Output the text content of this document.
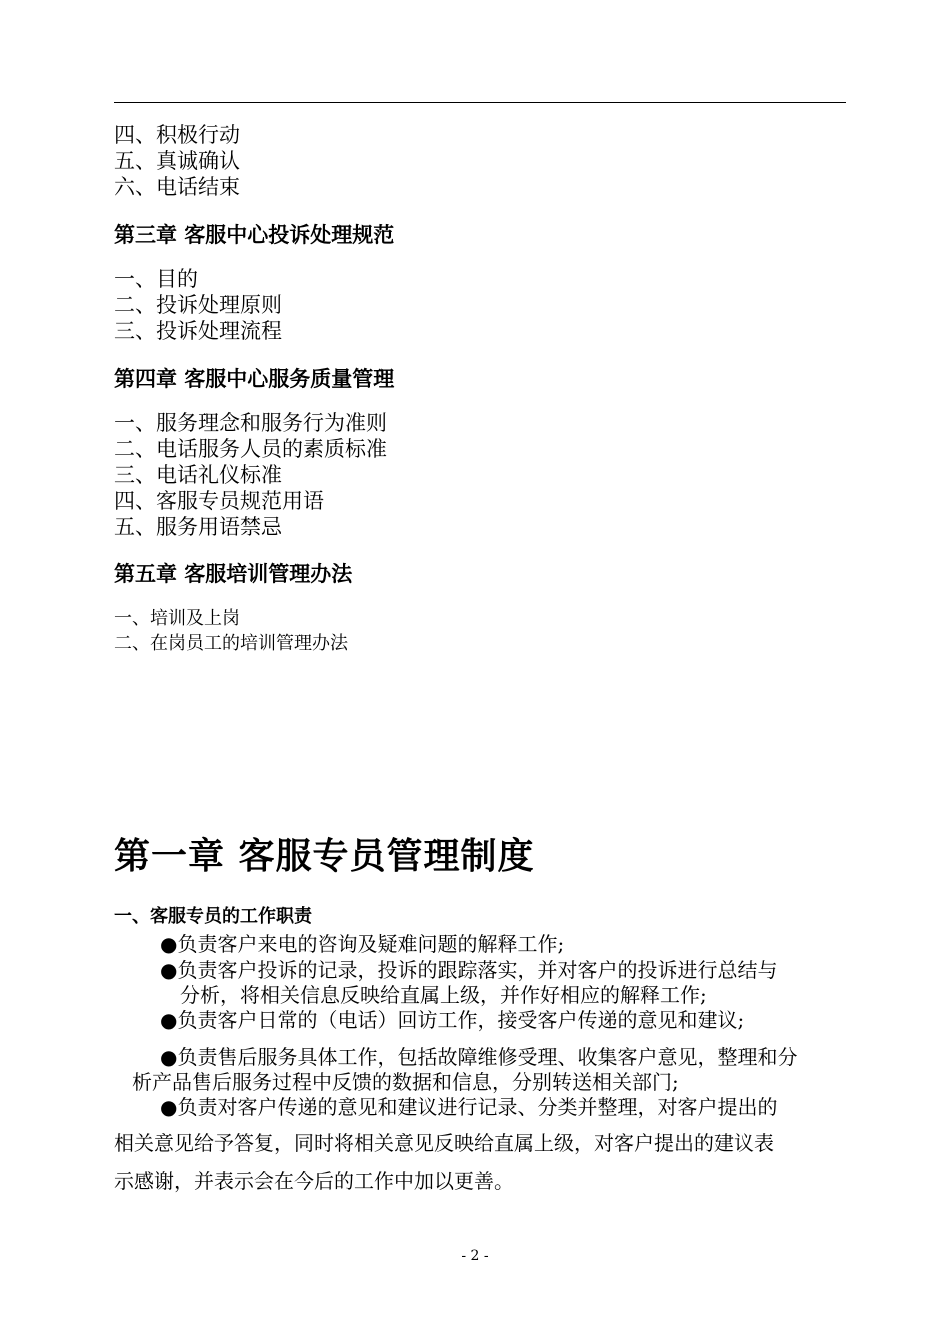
四、积极行动
五、真诚确认
六、电话结束
第三章 客服中心投诉处理规范
一、目的
二、投诉处理原则
三、投诉处理流程
第四章 客服中心服务质量管理
一、服务理念和服务行为准则
二、电话服务人员的素质标准
三、电话礼仪标准
四、客服专员规范用语
五、服务用语禁忌
第五章 客服培训管理办法
一、培训及上岗
二、在岗员工的培训管理办法
第一章 客服专员管理制度
一、客服专员的工作职责
●负责客户来电的咨询及疑难问题的解释工作;
●负责客户投诉的记录，投诉的跟踪落实，并对客户的投诉进行总结与
分析，将相关信息反映给直属上级，并作好相应的解释工作;
●负责客户日常的（电话）回访工作，接受客户传递的意见和建议;
●负责售后服务具体工作，包括故障维修受理、收集客户意见，整理和分
析产品售后服务过程中反馈的数据和信息，分别转送相关部门;
●负责对客户传递的意见和建议进行记录、分类并整理，对客户提出的
相关意见给予答复，同时将相关意见反映给直属上级，对客户提出的建议表
示感谢，并表示会在今后的工作中加以更善。
- 2 -
